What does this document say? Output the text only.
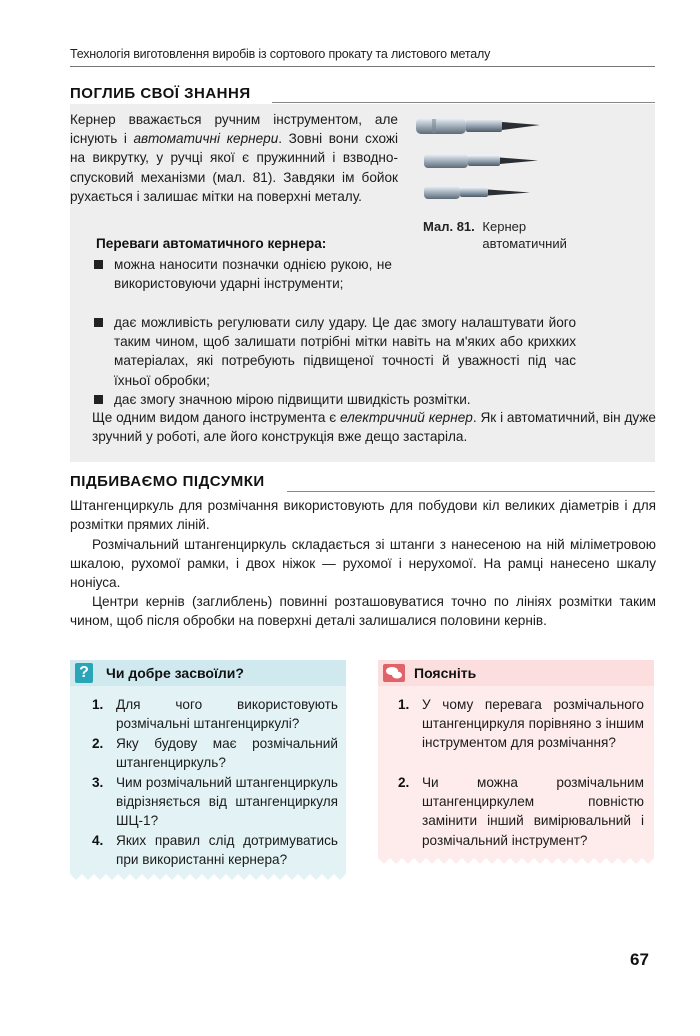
Технологія виготовлення виробів із сортового прокату та листового металу
ПОГЛИБ СВОЇ ЗНАННЯ
Кернер вважається ручним інструментом, але існують і автоматичні кернери. Зовні вони схожі на викрутку, у ручці якої є пружинний і взводно-спусковий механізми (мал. 81). Завдяки ім бойок рухається і залишає мітки на поверхні металу.
Мал. 81. Кернер автоматичний
Переваги автоматичного кернера:
можна наносити позначки однією рукою, не використовуючи ударні інструменти;
дає можливість регулювати силу удару. Це дає змогу налаштувати його таким чином, щоб залишати потрібні мітки навіть на м'яких або крихких матеріалах, які потребують підвищеної точності й уважності під час їхньої обробки;
дає змогу значною мірою підвищити швидкість розмітки.
Ще одним видом даного інструмента є електричний кернер. Як і автоматичний, він дуже зручний у роботі, але його конструкція вже дещо застаріла.
ПІДБИВАЄМО ПІДСУМКИ

Штангенциркуль для розмічання використовують для побудови кіл великих діаметрів і для розмітки прямих ліній.

Розмічальний штангенциркуль складається зі штанги з нанесеною на ній міліметровою шкалою, рухомої рамки, і двох ніжок — рухомої і нерухомої. На рамці нанесено шкалу ноніуса.

Центри кернів (заглиблень) повинні розташовуватися точно по лініях розмітки таким чином, щоб після обробки на поверхні деталі залишалися половини кернів.

? Чи добре засвоїли?
1. Для чого використовують розмічальні штангенциркулі?
2. Яку будову має розмічальний штангенциркуль?
3. Чим розмічальний штангенциркуль відрізняється від штангенциркуля ШЦ-1?
4. Яких правил слід дотримуватись при використанні кернера?
Поясніть
1. У чому перевага розмічального штангенциркуля порівняно з іншим інструментом для розмічання?
2. Чи можна розмічальним штангенциркулем повністю замінити інший вимірювальний і розмічальний інструмент?
67
